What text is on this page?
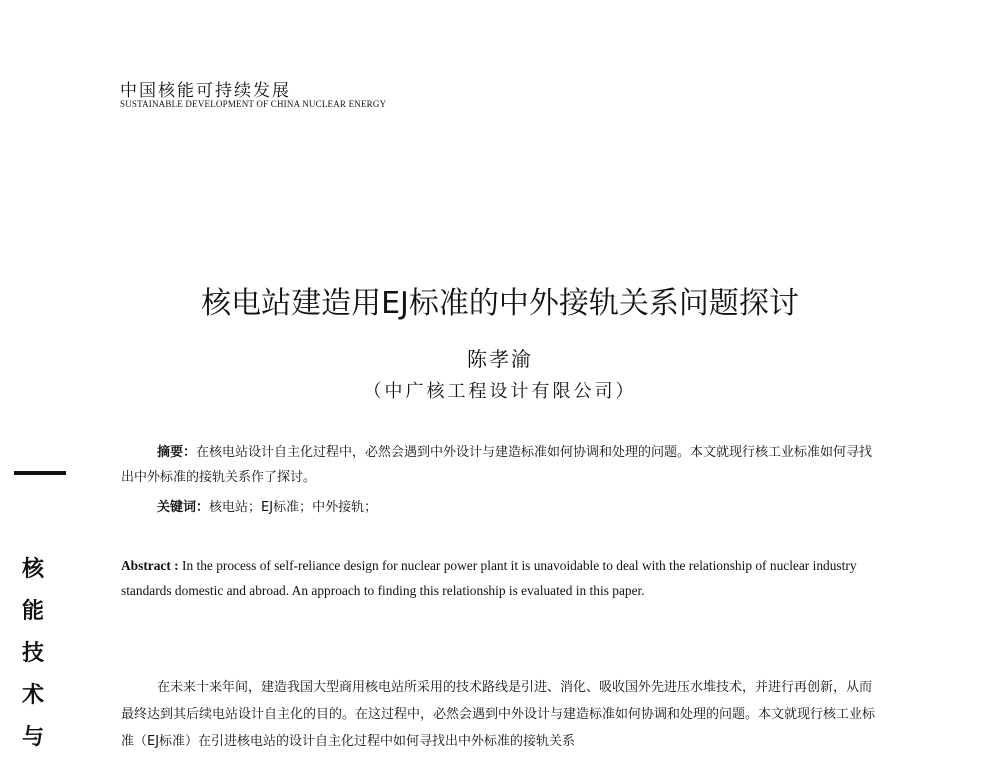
中国核能可持续发展
SUSTAINABLE DEVELOPMENT OF CHINA NUCLEAR ENERGY
核电站建造用EJ标准的中外接轨关系问题探讨
陈孝渝
（中广核工程设计有限公司）

摘要：在核电站设计自主化过程中，必然会遇到中外设计与建造标准如何协调和处理的问题。本文就现行核工业标准如何寻找出中外标准的接轨关系作了探讨。

关键词：核电站；EJ标准；中外接轨；

Abstract : In the process of self-reliance design for nuclear power plant it is unavoidable to deal with the relationship of nuclear industry standards domestic and abroad. An approach to finding this relationship is evaluated in this paper.

在未来十来年间，建造我国大型商用核电站所采用的技术路线是引进、消化、吸收国外先进压水堆技术，并进行再创新，从而最终达到其后续电站设计自主化的目的。在这过程中，必然会遇到中外设计与建造标准如何协调和处理的问题。本文就现行核工业标准（EJ标准）在引进核电站的设计自主化过程中如何寻找出中外标准的接轨关系

核
能
技
术
与
